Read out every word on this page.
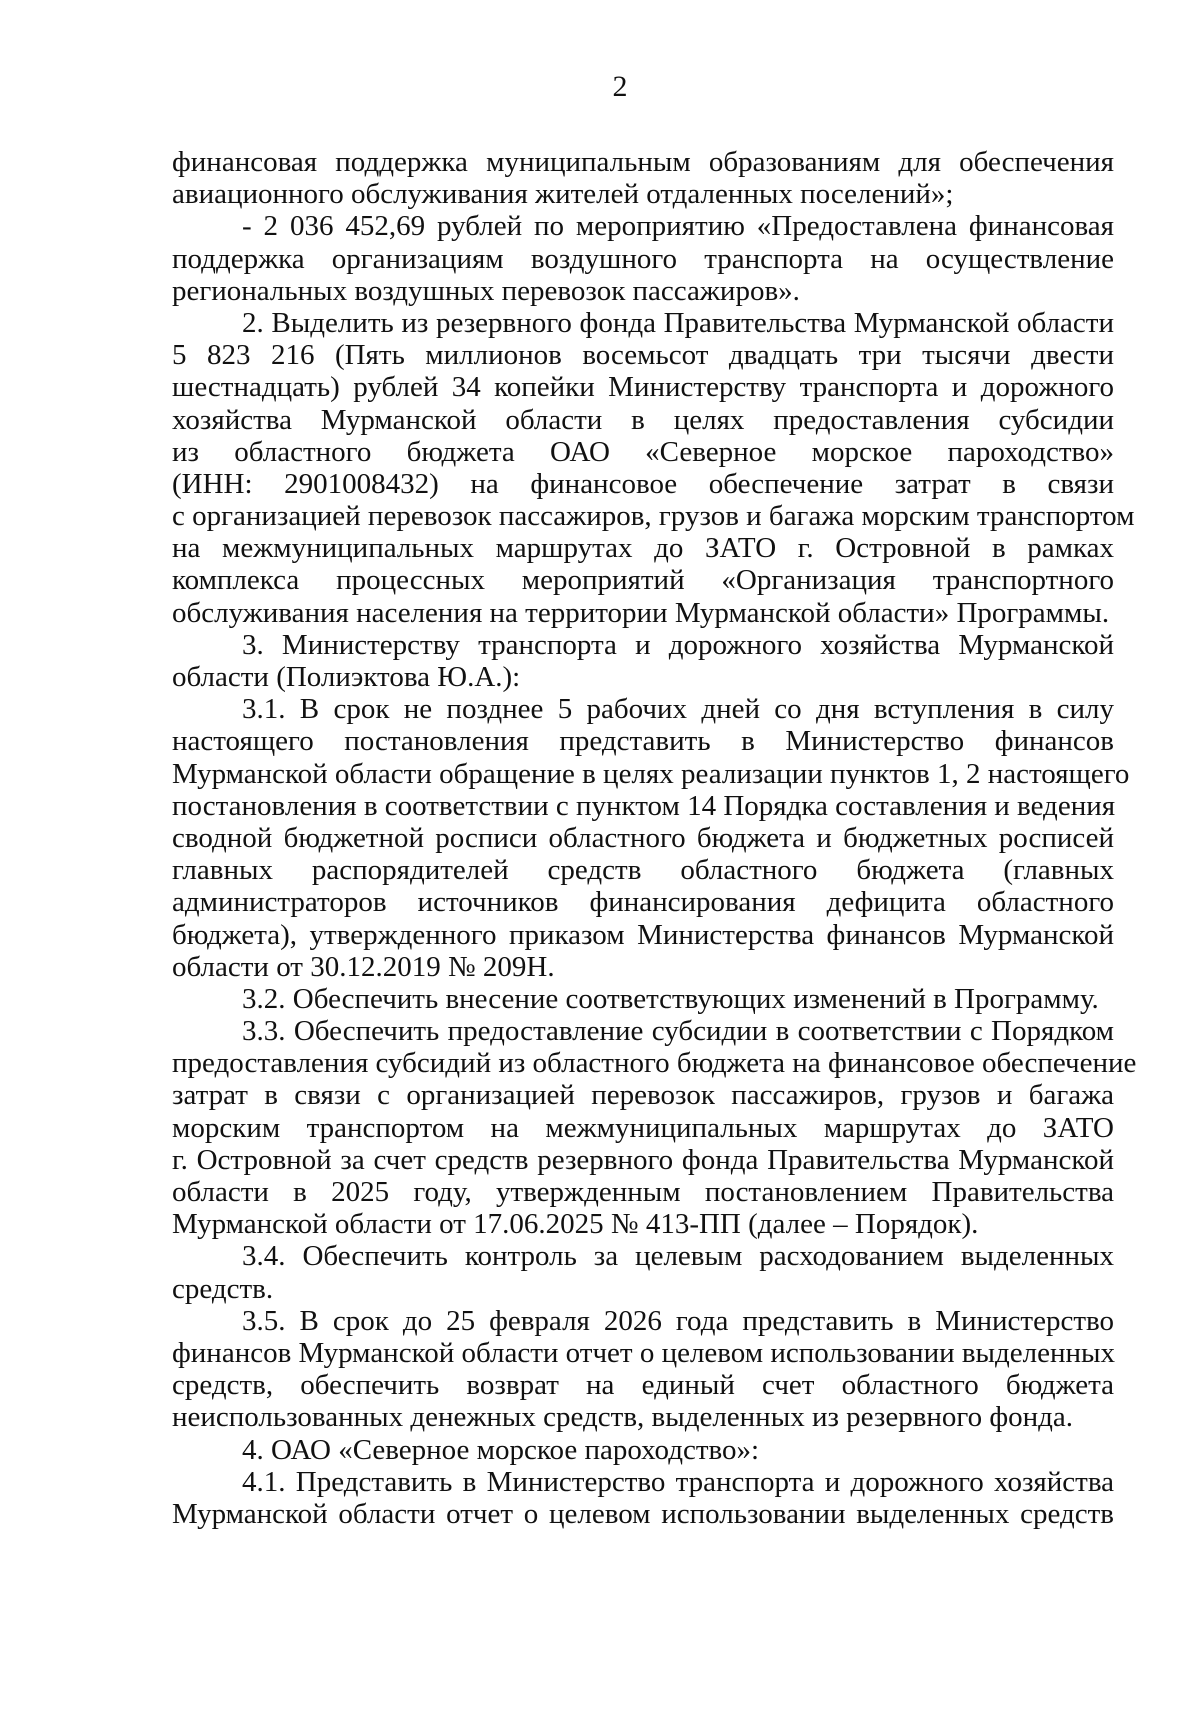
2
финансовая поддержка муниципальным образованиям для обеспечения
авиационного обслуживания жителей отдаленных поселений»;
- 2 036 452,69 рублей по мероприятию «Предоставлена финансовая
поддержка организациям воздушного транспорта на осуществление
региональных воздушных перевозок пассажиров».
2. Выделить из резервного фонда Правительства Мурманской области
5 823 216 (Пять миллионов восемьсот двадцать три тысячи двести
шестнадцать) рублей 34 копейки Министерству транспорта и дорожного
хозяйства Мурманской области в целях предоставления субсидии
из областного бюджета ОАО «Северное морское пароходство»
(ИНН: 2901008432) на финансовое обеспечение затрат в связи
с организацией перевозок пассажиров, грузов и багажа морским транспортом
на межмуниципальных маршрутах до ЗАТО г. Островной в рамках
комплекса процессных мероприятий «Организация транспортного
обслуживания населения на территории Мурманской области» Программы.
3. Министерству транспорта и дорожного хозяйства Мурманской
области (Полиэктова Ю.А.):
3.1. В срок не позднее 5 рабочих дней со дня вступления в силу
настоящего постановления представить в Министерство финансов
Мурманской области обращение в целях реализации пунктов 1, 2 настоящего
постановления в соответствии с пунктом 14 Порядка составления и ведения
сводной бюджетной росписи областного бюджета и бюджетных росписей
главных распорядителей средств областного бюджета (главных
администраторов источников финансирования дефицита областного
бюджета), утвержденного приказом Министерства финансов Мурманской
области от 30.12.2019 № 209Н.
3.2. Обеспечить внесение соответствующих изменений в Программу.
3.3. Обеспечить предоставление субсидии в соответствии с Порядком
предоставления субсидий из областного бюджета на финансовое обеспечение
затрат в связи с организацией перевозок пассажиров, грузов и багажа
морским транспортом на межмуниципальных маршрутах до ЗАТО
г. Островной за счет средств резервного фонда Правительства Мурманской
области в 2025 году, утвержденным постановлением Правительства
Мурманской области от 17.06.2025 № 413-ПП (далее – Порядок).
3.4. Обеспечить контроль за целевым расходованием выделенных
средств.
3.5. В срок до 25 февраля 2026 года представить в Министерство
финансов Мурманской области отчет о целевом использовании выделенных
средств, обеспечить возврат на единый счет областного бюджета
неиспользованных денежных средств, выделенных из резервного фонда.
4. ОАО «Северное морское пароходство»:
4.1. Представить в Министерство транспорта и дорожного хозяйства
Мурманской области отчет о целевом использовании выделенных средств
